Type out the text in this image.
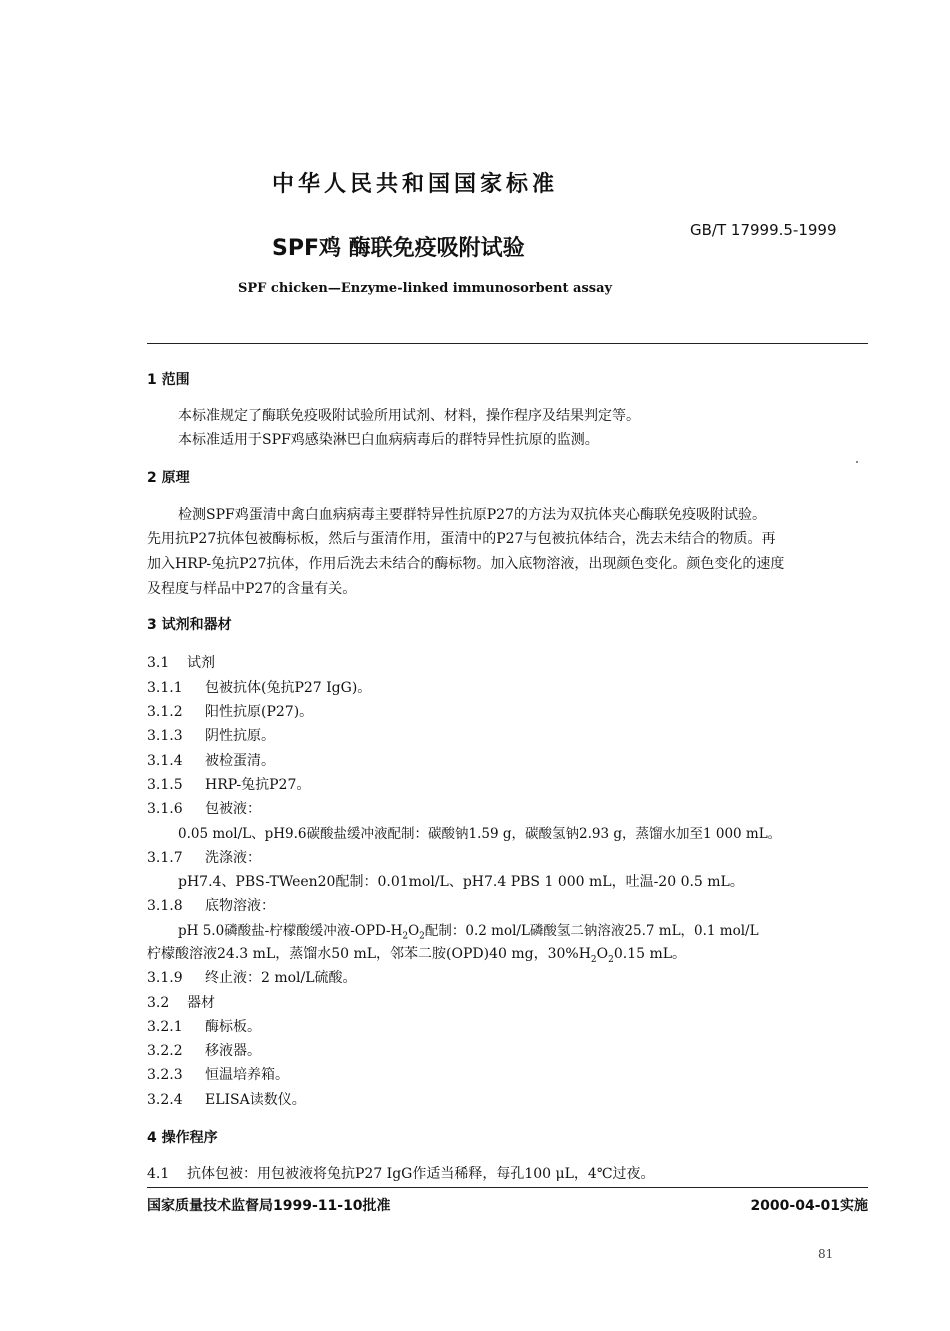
中华人民共和国国家标准
GB/T 17999.5-1999
SPF鸡 酶联免疫吸附试验
SPF chicken—Enzyme-linked immunosorbent assay
1 范围
本标准规定了酶联免疫吸附试验所用试剂、材料，操作程序及结果判定等。
本标准适用于SPF鸡感染淋巴白血病病毒后的群特异性抗原的监测。
2 原理
检测SPF鸡蛋清中禽白血病病毒主要群特异性抗原P27的方法为双抗体夹心酶联免疫吸附试验。
先用抗P27抗体包被酶标板，然后与蛋清作用，蛋清中的P27与包被抗体结合，洗去未结合的物质。再
加入HRP-兔抗P27抗体，作用后洗去未结合的酶标物。加入底物溶液，出现颜色变化。颜色变化的速度
及程度与样品中P27的含量有关。
3 试剂和器材
3.1 试剂
3.1.1 包被抗体(兔抗P27 IgG)。
3.1.2 阳性抗原(P27)。
3.1.3 阴性抗原。
3.1.4 被检蛋清。
3.1.5 HRP-兔抗P27。
3.1.6 包被液：
0.05 mol/L、pH9.6碳酸盐缓冲液配制：碳酸钠1.59 g，碳酸氢钠2.93 g，蒸馏水加至1 000 mL。
3.1.7 洗涤液：
pH7.4、PBS-TWeen20配制：0.01mol/L、pH7.4 PBS 1 000 mL，吐温-20 0.5 mL。
3.1.8 底物溶液：
pH 5.0磷酸盐-柠檬酸缓冲液$-OPD-H_2O_2$配制：0.2 mol/L磷酸氢二钠溶液25.7 mL，0.1 mol/L
柠檬酸溶液24.3 mL，蒸馏水50 mL，邻苯二胺(OPD)40 mg，$30\%H_2O_20.15$ mL。
3.1.9 终止液：2 mol/L硫酸。
3.2 器材
3.2.1 酶标板。
3.2.2 移液器。
3.2.3 恒温培养箱。
3.2.4 ELISA读数仪。
4 操作程序
4.1 抗体包被：用包被液将兔抗P27 IgG作适当稀释，每孔100 μL，4℃过夜。
国家质量技术监督局1999-11-10批准	2000-04-01实施
81
